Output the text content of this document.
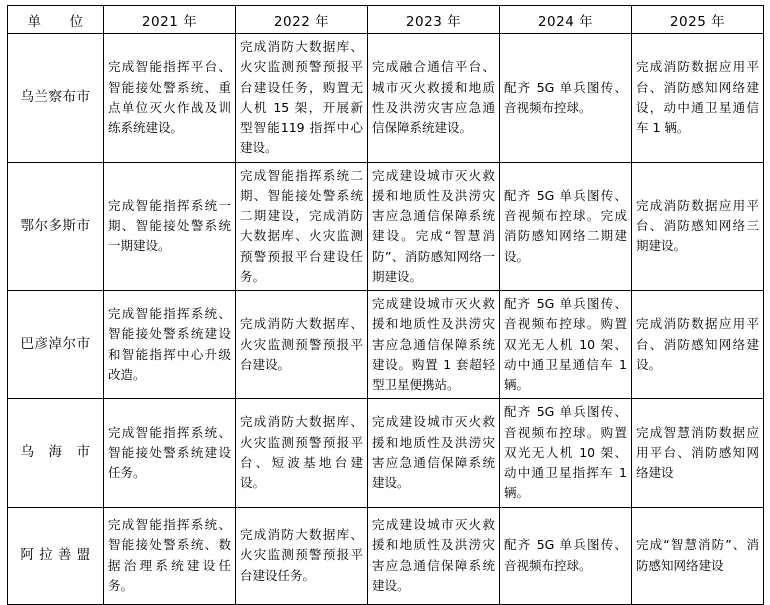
单　　位	2021 年	2022 年	2023 年	2024 年	2025 年
乌兰察布市	完成智能指挥平台、智能接处警系统、重点单位灭火作战及训练系统建设。	完成消防大数据库、火灾监测预警预报平台建设任务，购置无人机 15 架，开展新型智能119 指挥中心建设。	完成融合通信平台、城市灭火救援和地质性及洪涝灾害应急通信保障系统建设。	配齐 5G 单兵图传、音视频布控球。	完成消防数据应用平台、消防感知网络建设，动中通卫星通信车 1 辆。
鄂尔多斯市	完成智能指挥系统一期、智能接处警系统一期建设。	完成智能指挥系统二期、智能接处警系统二期建设，完成消防大数据库、火灾监测预警预报平台建设任务。	完成建设城市灭火救援和地质性及洪涝灾害应急通信保障系统建设。完成“智慧消防”、消防感知网络一期建设。	配齐 5G 单兵图传、音视频布控球。完成消防感知网络二期建设。	完成消防数据应用平台、消防感知网络三期建设。
巴彦淖尔市	完成智能指挥系统、智能接处警系统建设和智能指挥中心升级改造。	完成消防大数据库、火灾监测预警预报平台建设。	完成建设城市灭火救援和地质性及洪涝灾害应急通信保障系统建设。购置 1 套超轻型卫星便携站。	配齐 5G 单兵图传、音视频布控球。购置双光无人机 10 架、动中通卫星通信车 1 辆。	完成消防数据应用平台、消防感知网络建设。
乌　海　市	完成智能指挥系统、智能接处警系统建设任务。	完成消防大数据库、火灾监测预警预报平台、短波基地台建设。	完成建设城市灭火救援和地质性及洪涝灾害应急通信保障系统建设。	配齐 5G 单兵图传、音视频布控球。购置双光无人机 10 架、动中通卫星指挥车 1 辆。	完成智慧消防数据应用平台、消防感知网络建设
阿 拉 善 盟	完成智能指挥系统、智能接处警系统、数据治理系统建设任务。	完成消防大数据库、火灾监测预警预报平台建设任务。	完成建设城市灭火救援和地质性及洪涝灾害应急通信保障系统建设。	配齐 5G 单兵图传、音视频布控球。	完成“智慧消防”、消防感知网络建设
